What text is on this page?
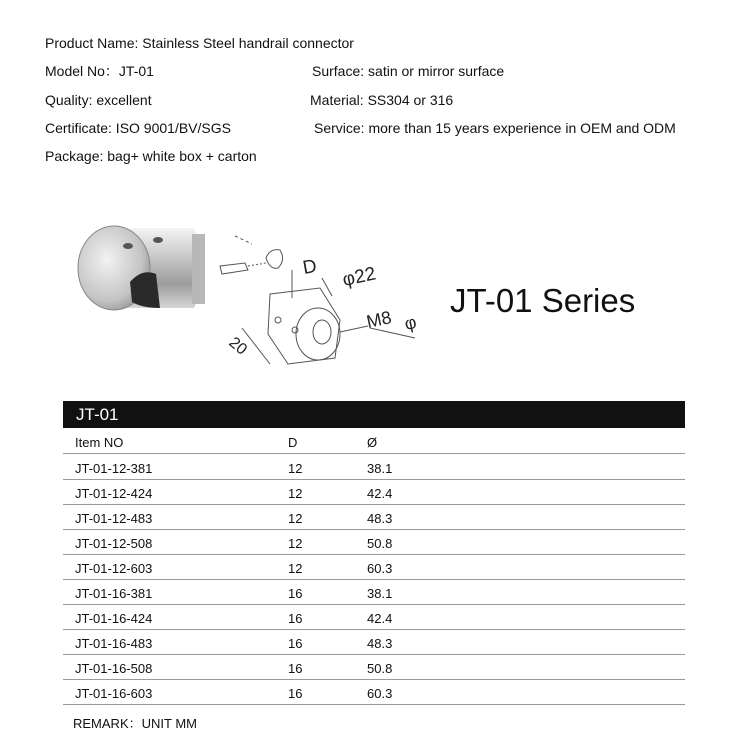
Product Name: Stainless Steel handrail connector
Model No：JT-01	Surface: satin or mirror surface
Quality: excellent	Material: SS304 or 316
Certificate: ISO 9001/BV/SGS	Service: more than 15 years experience in OEM and ODM
Package: bag+ white box + carton
D φ22
M8 φ
20
JT-01 Series
JT-01
Item NO	D	Ø
JT-01-12-381	12	38.1
JT-01-12-424	12	42.4
JT-01-12-483	12	48.3
JT-01-12-508	12	50.8
JT-01-12-603	12	60.3
JT-01-16-381	16	38.1
JT-01-16-424	16	42.4
JT-01-16-483	16	48.3
JT-01-16-508	16	50.8
JT-01-16-603	16	60.3
REMARK：UNIT MM
